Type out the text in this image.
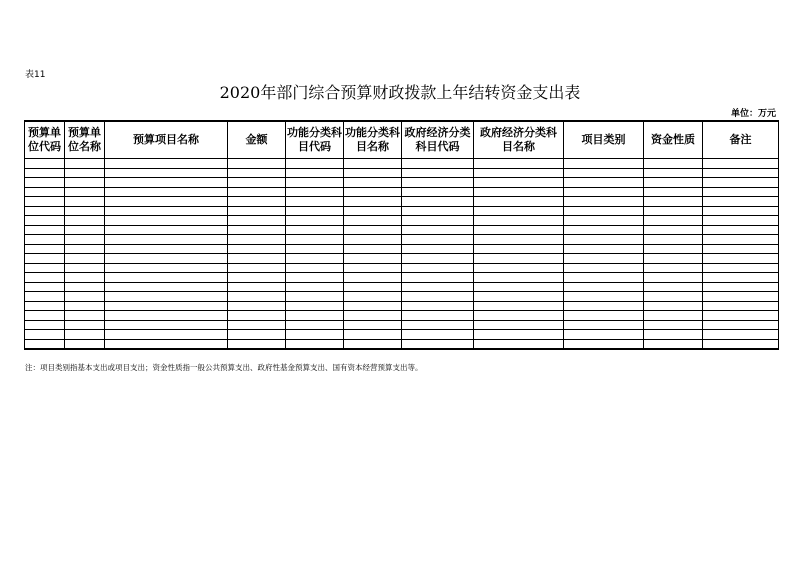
表11
2020年部门综合预算财政拨款上年结转资金支出表
单位：万元
预算单位代码	预算单位名称	预算项目名称	金额	功能分类科目代码	功能分类科目名称	政府经济分类科目代码	政府经济分类科目名称	项目类别	资金性质	备注

注：项目类别指基本支出或项目支出；资金性质指一般公共预算支出、政府性基金预算支出、国有资本经营预算支出等。
